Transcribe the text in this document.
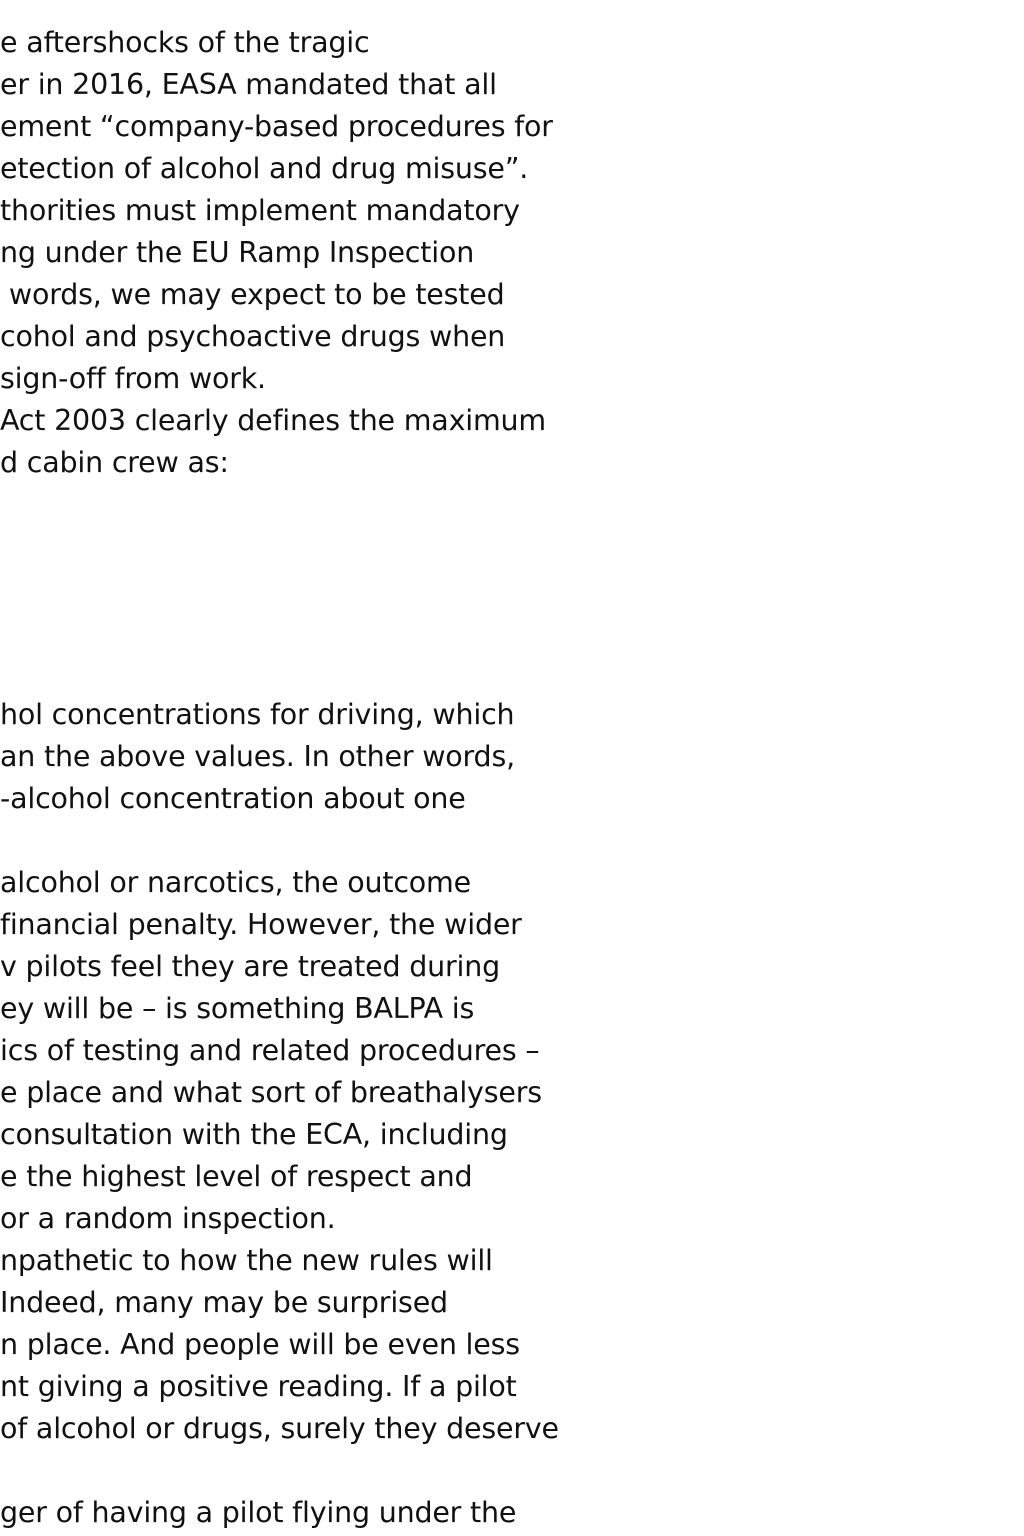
e aftershocks of the tragic
er in 2016, EASA mandated that all
ement “company-based procedures for
etection of alcohol and drug misuse”.
thorities must implement mandatory
ng under the EU Ramp Inspection
words, we may expect to be tested
cohol and psychoactive drugs when
sign-off from work.
Act 2003 clearly defines the maximum
d cabin crew as:
hol concentrations for driving, which
an the above values. In other words,
-alcohol concentration about one
alcohol or narcotics, the outcome
financial penalty. However, the wider
v pilots feel they are treated during
ey will be – is something BALPA is
ics of testing and related procedures –
e place and what sort of breathalysers
consultation with the ECA, including
e the highest level of respect and
or a random inspection.
npathetic to how the new rules will
Indeed, many may be surprised
n place. And people will be even less
nt giving a positive reading. If a pilot
of alcohol or drugs, surely they deserve
ger of having a pilot flying under the
